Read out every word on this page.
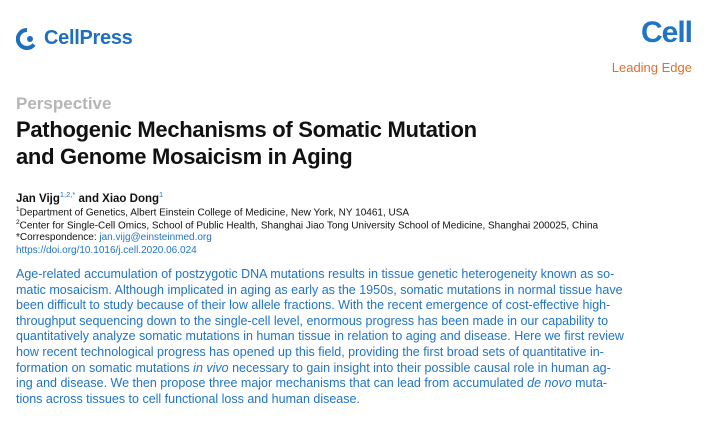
CellPress	Cell
Leading Edge
Perspective
Pathogenic Mechanisms of Somatic Mutation
and Genome Mosaicism in Aging
Jan Vijg$^{1,2,*}$ and Xiao Dong$^1$
$^1$Department of Genetics, Albert Einstein College of Medicine, New York, NY 10461, USA
$^2$Center for Single-Cell Omics, School of Public Health, Shanghai Jiao Tong University School of Medicine, Shanghai 200025, China
*Correspondence: jan.vijg@einsteinmed.org
https://doi.org/10.1016/j.cell.2020.06.024

Age-related accumulation of postzygotic DNA mutations results in tissue genetic heterogeneity known as so-

matic mosaicism. Although implicated in aging as early as the 1950s, somatic mutations in normal tissue have

been difficult to study because of their low allele fractions. With the recent emergence of cost-effective high-

throughput sequencing down to the single-cell level, enormous progress has been made in our capability to

quantitatively analyze somatic mutations in human tissue in relation to aging and disease. Here we first review

how recent technological progress has opened up this field, providing the first broad sets of quantitative in-

formation on somatic mutations in vivo necessary to gain insight into their possible causal role in human ag-

ing and disease. We then propose three major mechanisms that can lead from accumulated de novo muta-

tions across tissues to cell functional loss and human disease.
